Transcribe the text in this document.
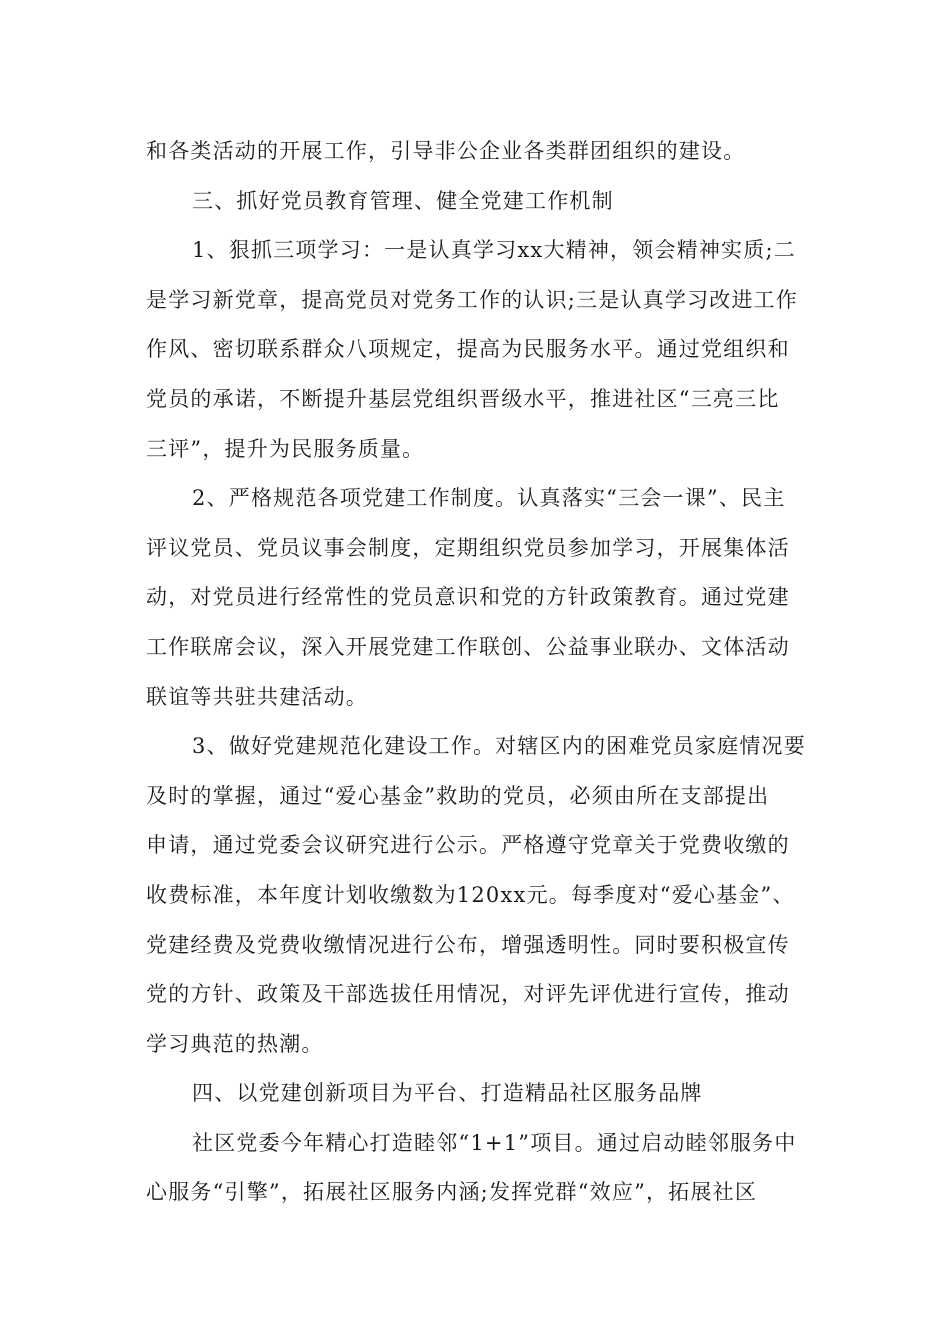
和各类活动的开展工作，引导非公企业各类群团组织的建设。
三、抓好党员教育管理、健全党建工作机制
1、狠抓三项学习：一是认真学习xx大精神，领会精神实质;二
是学习新党章，提高党员对党务工作的认识;三是认真学习改进工作
作风、密切联系群众八项规定，提高为民服务水平。通过党组织和
党员的承诺，不断提升基层党组织晋级水平，推进社区“三亮三比
三评”，提升为民服务质量。
2、严格规范各项党建工作制度。认真落实“三会一课”、民主
评议党员、党员议事会制度，定期组织党员参加学习，开展集体活
动，对党员进行经常性的党员意识和党的方针政策教育。通过党建
工作联席会议，深入开展党建工作联创、公益事业联办、文体活动
联谊等共驻共建活动。
3、做好党建规范化建设工作。对辖区内的困难党员家庭情况要
及时的掌握，通过“爱心基金”救助的党员，必须由所在支部提出
申请，通过党委会议研究进行公示。严格遵守党章关于党费收缴的
收费标准，本年度计划收缴数为120xx元。每季度对“爱心基金”、
党建经费及党费收缴情况进行公布，增强透明性。同时要积极宣传
党的方针、政策及干部选拔任用情况，对评先评优进行宣传，推动
学习典范的热潮。
四、以党建创新项目为平台、打造精品社区服务品牌
社区党委今年精心打造睦邻“1+1”项目。通过启动睦邻服务中
心服务“引擎”，拓展社区服务内涵;发挥党群“效应”，拓展社区
